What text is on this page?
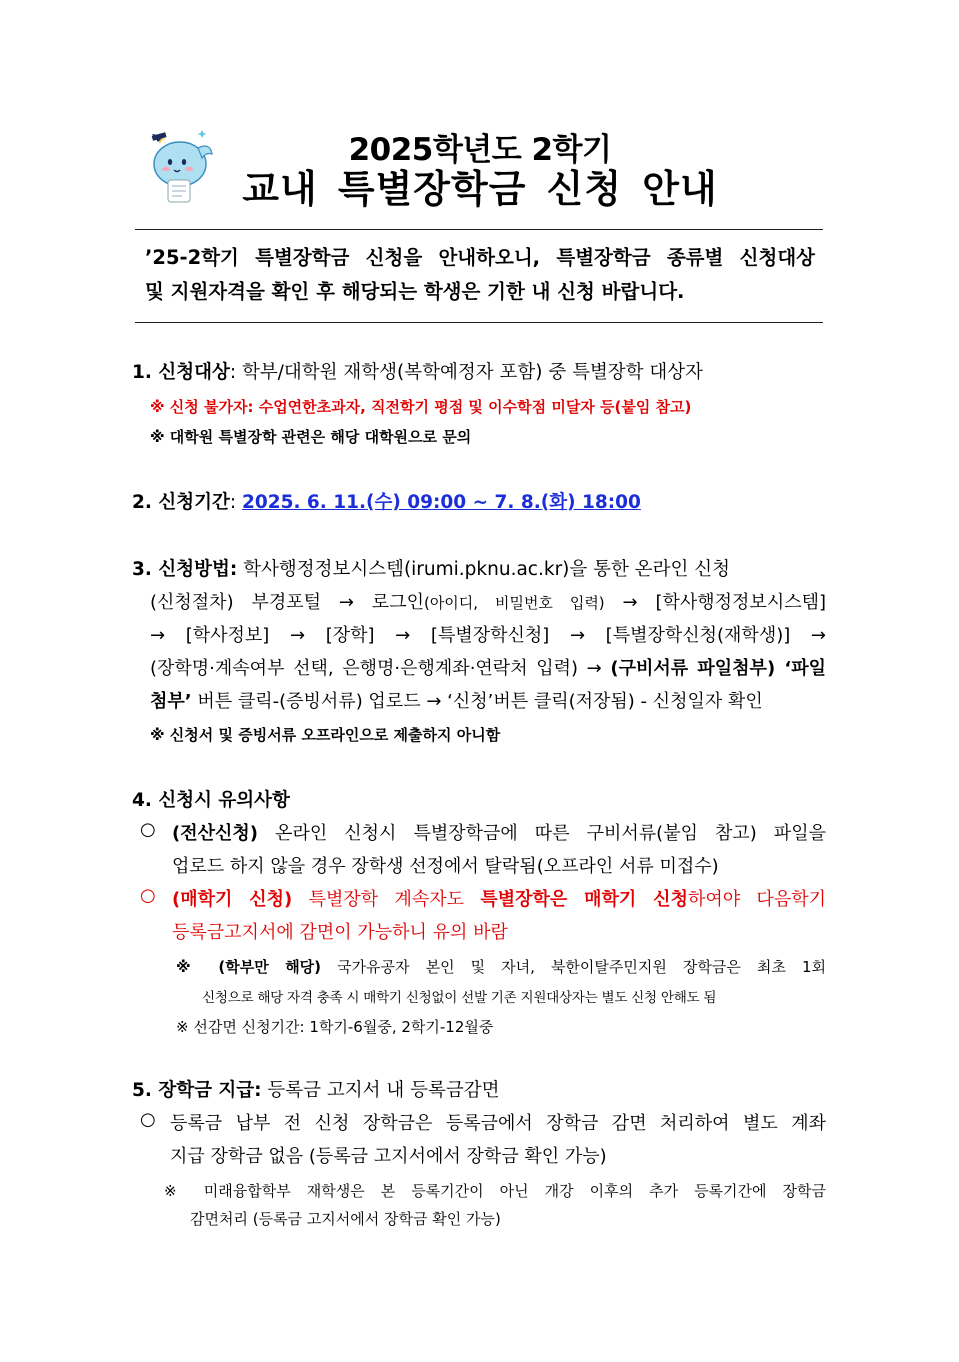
2025학년도 2학기
교내 특별장학금 신청 안내
’25-2학기 특별장학금 신청을 안내하오니, 특별장학금 종류별 신청대상
및 지원자격을 확인 후 해당되는 학생은 기한 내 신청 바랍니다.
1. 신청대상: 학부/대학원 재학생(복학예정자 포함) 중 특별장학 대상자
※ 신청 불가자: 수업연한초과자, 직전학기 평점 및 이수학점 미달자 등(붙임 참고)
※ 대학원 특별장학 관련은 해당 대학원으로 문의
2. 신청기간: 2025. 6. 11.(수) 09:00 ~ 7. 8.(화) 18:00
3. 신청방법: 학사행정정보시스템(irumi.pknu.ac.kr)을 통한 온라인 신청
(신청절차) 부경포털 → 로그인(아이디, 비밀번호 입력) → [학사행정정보시스템]
→ [학사정보] → [장학] → [특별장학신청] → [특별장학신청(재학생)] →
(장학명·계속여부 선택, 은행명·은행계좌·연락처 입력) → (구비서류 파일첨부) ‘파일
첨부’ 버튼 클릭-(증빙서류) 업로드 → ‘신청’버튼 클릭(저장됨) - 신청일자 확인
※ 신청서 및 증빙서류 오프라인으로 제출하지 아니함
4. 신청시 유의사항
○ (전산신청) 온라인 신청시 특별장학금에 따른 구비서류(붙임 참고) 파일을
업로드 하지 않을 경우 장학생 선정에서 탈락됨(오프라인 서류 미접수)
○ (매학기 신청) 특별장학 계속자도 특별장학은 매학기 신청하여야 다음학기
등록금고지서에 감면이 가능하니 유의 바람
※ (학부만 해당) 국가유공자 본인 및 자녀, 북한이탈주민지원 장학금은 최초 1회
신청으로 해당 자격 충족 시 매학기 신청없이 선발 기존 지원대상자는 별도 신청 안해도 됨
※ 선감면 신청기간: 1학기-6월중, 2학기-12월중
5. 장학금 지급: 등록금 고지서 내 등록금감면
○ 등록금 납부 전 신청 장학금은 등록금에서 장학금 감면 처리하여 별도 계좌
지급 장학금 없음 (등록금 고지서에서 장학금 확인 가능)
※ 미래융합학부 재학생은 본 등록기간이 아닌 개강 이후의 추가 등록기간에 장학금
감면처리 (등록금 고지서에서 장학금 확인 가능)
